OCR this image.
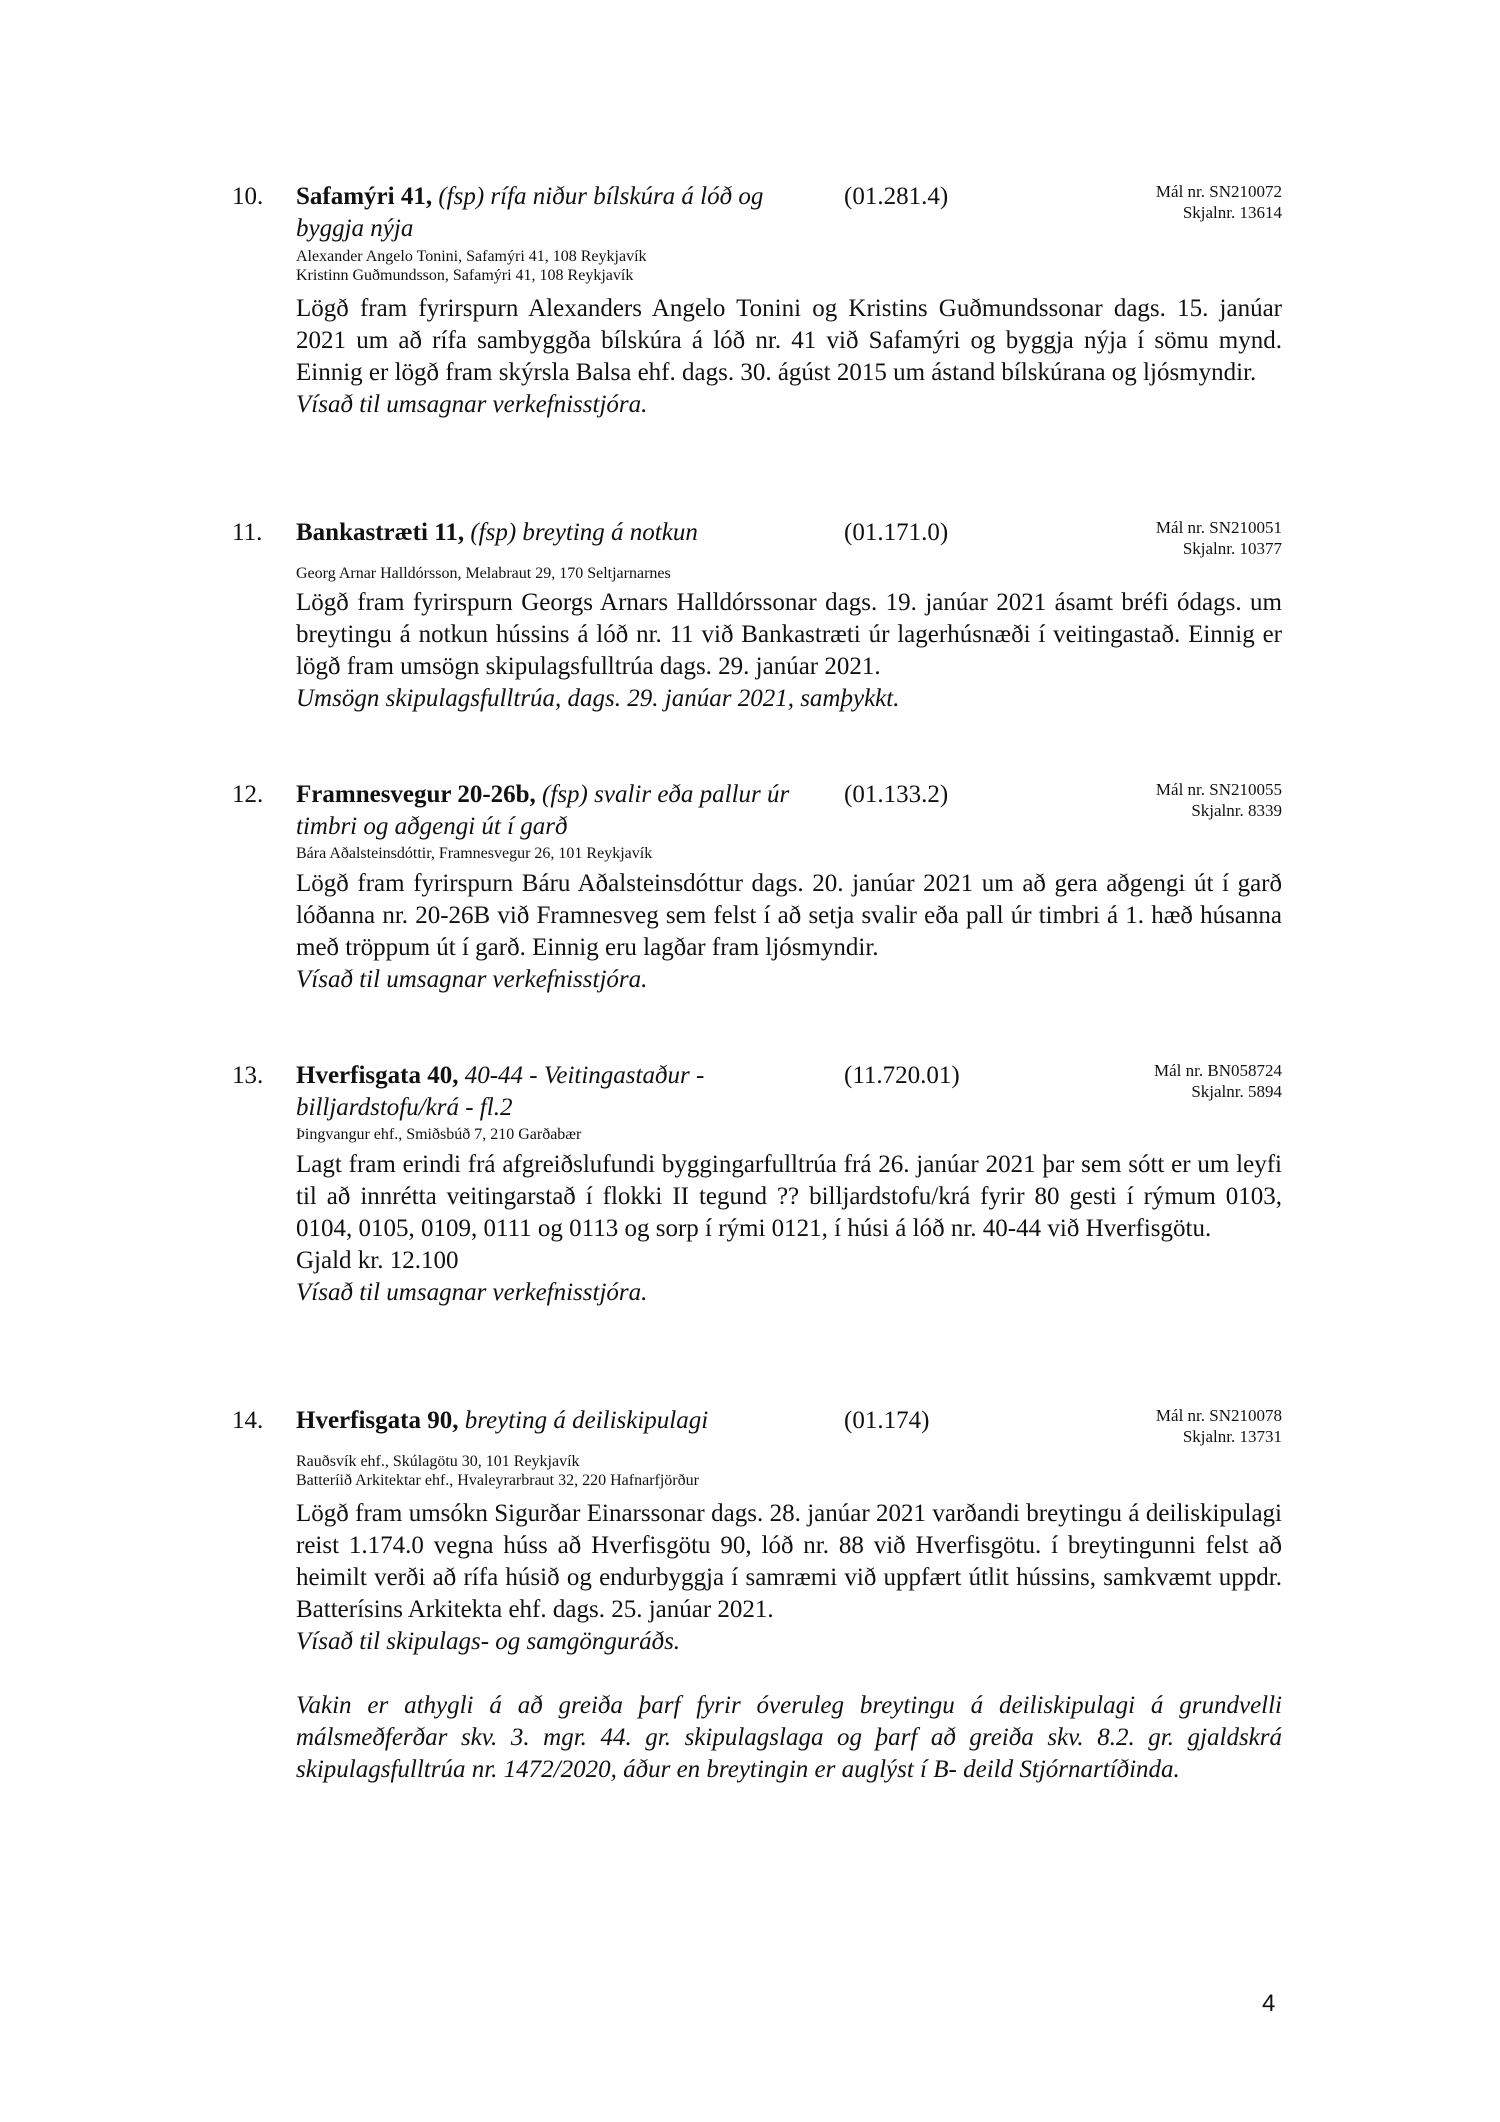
10. Safamýri 41, (fsp) rífa niður bílskúra á lóð og byggja nýja
(01.281.4)	Mál nr. SN210072
Skjalnr. 13614
Alexander Angelo Tonini, Safamýri 41, 108 Reykjavík
Kristinn Guðmundsson, Safamýri 41, 108 Reykjavík

Lögð fram fyrirspurn Alexanders Angelo Tonini og Kristins Guðmundssonar dags. 15. janúar 2021 um að rífa sambyggða bílskúra á lóð nr. 41 við Safamýri og byggja nýja í sömu mynd. Einnig er lögð fram skýrsla Balsa ehf. dags. 30. ágúst 2015 um ástand bílskúrana og ljósmyndir.

Vísað til umsagnar verkefnisstjóra.

11. Bankastræti 11, (fsp) breyting á notkun	(01.171.0)	Mál nr. SN210051
Skjalnr. 10377
Georg Arnar Halldórsson, Melabraut 29, 170 Seltjarnarnes

Lögð fram fyrirspurn Georgs Arnars Halldórssonar dags. 19. janúar 2021 ásamt bréfi ódags. um breytingu á notkun hússins á lóð nr. 11 við Bankastræti úr lagerhúsnæði í veitingastað. Einnig er lögð fram umsögn skipulagsfulltrúa dags. 29. janúar 2021.

Umsögn skipulagsfulltrúa, dags. 29. janúar 2021, samþykkt.

12. Framnesvegur 20-26b, (fsp) svalir eða pallur úr timbri og aðgengi út í garð
(01.133.2)	Mál nr. SN210055
Skjalnr. 8339
Bára Aðalsteinsdóttir, Framnesvegur 26, 101 Reykjavík

Lögð fram fyrirspurn Báru Aðalsteinsdóttur dags. 20. janúar 2021 um að gera aðgengi út í garð lóðanna nr. 20-26B við Framnesveg sem felst í að setja svalir eða pall úr timbri á 1. hæð húsanna með tröppum út í garð. Einnig eru lagðar fram ljósmyndir.

Vísað til umsagnar verkefnisstjóra.

13. Hverfisgata 40, 40-44 - Veitingastaður - billjardstofu/krá - fl.2
(11.720.01)	Mál nr. BN058724
Skjalnr. 5894
Þingvangur ehf., Smiðsbúð 7, 210 Garðabær

Lagt fram erindi frá afgreiðslufundi byggingarfulltrúa frá 26. janúar 2021 þar sem sótt er um leyfi til að innrétta veitingarstað í flokki II tegund ?? billjardstofu/krá fyrir 80 gesti í rýmum 0103, 0104, 0105, 0109, 0111 og 0113 og sorp í rými 0121, í húsi á lóð nr. 40-44 við Hverfisgötu.

Gjald kr. 12.100

Vísað til umsagnar verkefnisstjóra.

14. Hverfisgata 90, breyting á deiliskipulagi	(01.174)	Mál nr. SN210078
Skjalnr. 13731
Rauðsvík ehf., Skúlagötu 30, 101 Reykjavík
Batteríið Arkitektar ehf., Hvaleyrarbraut 32, 220 Hafnarfjörður

Lögð fram umsókn Sigurðar Einarssonar dags. 28. janúar 2021 varðandi breytingu á deiliskipulagi reist 1.174.0 vegna húss að Hverfisgötu 90, lóð nr. 88 við Hverfisgötu. í breytingunni felst að heimilt verði að rífa húsið og endurbyggja í samræmi við uppfært útlit hússins, samkvæmt uppdr. Batterísins Arkitekta ehf. dags. 25. janúar 2021.

Vísað til skipulags- og samgönguráðs.

Vakin er athygli á að greiða þarf fyrir óveruleg breytingu á deiliskipulagi á grundvelli málsmeðferðar skv. 3. mgr. 44. gr. skipulagslaga og þarf að greiða skv. 8.2. gr. gjaldskrá skipulagsfulltrúa nr. 1472/2020, áður en breytingin er auglýst í B- deild Stjórnartíðinda.

4
